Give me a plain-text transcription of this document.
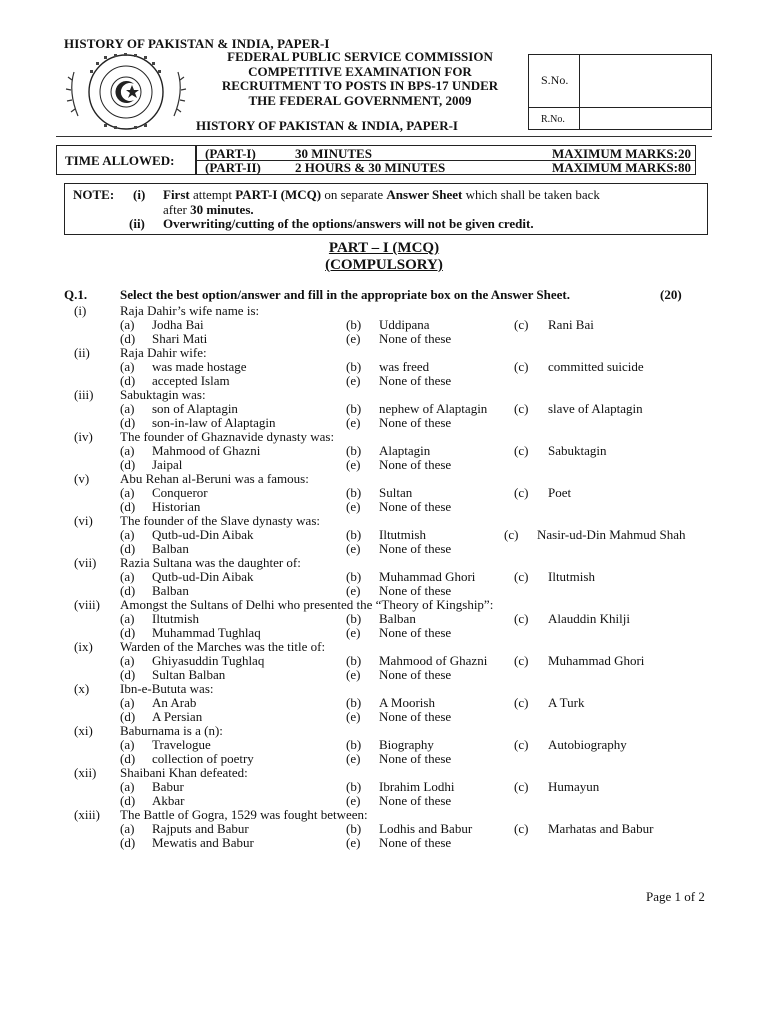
HISTORY OF PAKISTAN & INDIA, PAPER-I
FEDERAL PUBLIC SERVICE COMMISSION
COMPETITIVE EXAMINATION FOR
RECRUITMENT TO POSTS IN BPS-17 UNDER
THE FEDERAL GOVERNMENT, 2009
HISTORY OF PAKISTAN & INDIA, PAPER-I
S.No.
R.No.
TIME ALLOWED: (PART-I)	30 MINUTES	MAXIMUM MARKS:20
(PART-II)	2 HOURS & 30 MINUTES	MAXIMUM MARKS:80
NOTE: (i) First attempt PART-I (MCQ) on separate Answer Sheet which shall be taken back
after 30 minutes.
(ii) Overwriting/cutting of the options/answers will not be given credit.
PART – I (MCQ)
(COMPULSORY)
Q.1.	Select the best option/answer and fill in the appropriate box on the Answer Sheet.	(20)
(i)	Raja Dahir’s wife name is:
(a) Jodha Bai	(b) Uddipana	(c) Rani Bai
(d) Shari Mati	(e) None of these
(ii) Raja Dahir wife:
(a) was made hostage	(b) was freed	(c) committed suicide
(d) accepted Islam	(e) None of these
(iii) Sabuktagin was:
(a) son of Alaptagin	(b) nephew of Alaptagin (c) slave of Alaptagin
(d) son-in-law of Alaptagin	(e) None of these
(iv) The founder of Ghaznavide dynasty was:
(a) Mahmood of Ghazni	(b) Alaptagin	(c) Sabuktagin
(d) Jaipal	(e) None of these
(v) Abu Rehan al-Beruni was a famous:
(a) Conqueror	(b) Sultan	(c) Poet
(d) Historian	(e) None of these
(vi) The founder of the Slave dynasty was:
(a) Qutb-ud-Din Aibak	(b) Iltutmish	(c) Nasir-ud-Din Mahmud Shah
(d) Balban	(e) None of these
(vii) Razia Sultana was the daughter of:
(a) Qutb-ud-Din Aibak	(b) Muhammad Ghori	(c) Iltutmish
(d) Balban	(e) None of these
(viii) Amongst the Sultans of Delhi who presented the “Theory of Kingship”:
(a) Iltutmish	(b) Balban	(c) Alauddin Khilji
(d) Muhammad Tughlaq	(e) None of these
(ix) Warden of the Marches was the title of:
(a) Ghiyasuddin Tughlaq	(b) Mahmood of Ghazni (c) Muhammad Ghori
(d) Sultan Balban	(e) None of these
(x) Ibn-e-Bututa was:
(a) An Arab	(b) A Moorish	(c) A Turk
(d) A Persian	(e) None of these
(xi) Baburnama is a (n):
(a) Travelogue	(b) Biography	(c) Autobiography
(d) collection of poetry	(e) None of these
(xii) Shaibani Khan defeated:
(a) Babur	(b) Ibrahim Lodhi	(c) Humayun
(d) Akbar	(e) None of these
(xiii) The Battle of Gogra, 1529 was fought between:
(a) Rajputs and Babur	(b) Lodhis and Babur	(c) Marhatas and Babur
(d) Mewatis and Babur	(e) None of these
Page 1 of 2
